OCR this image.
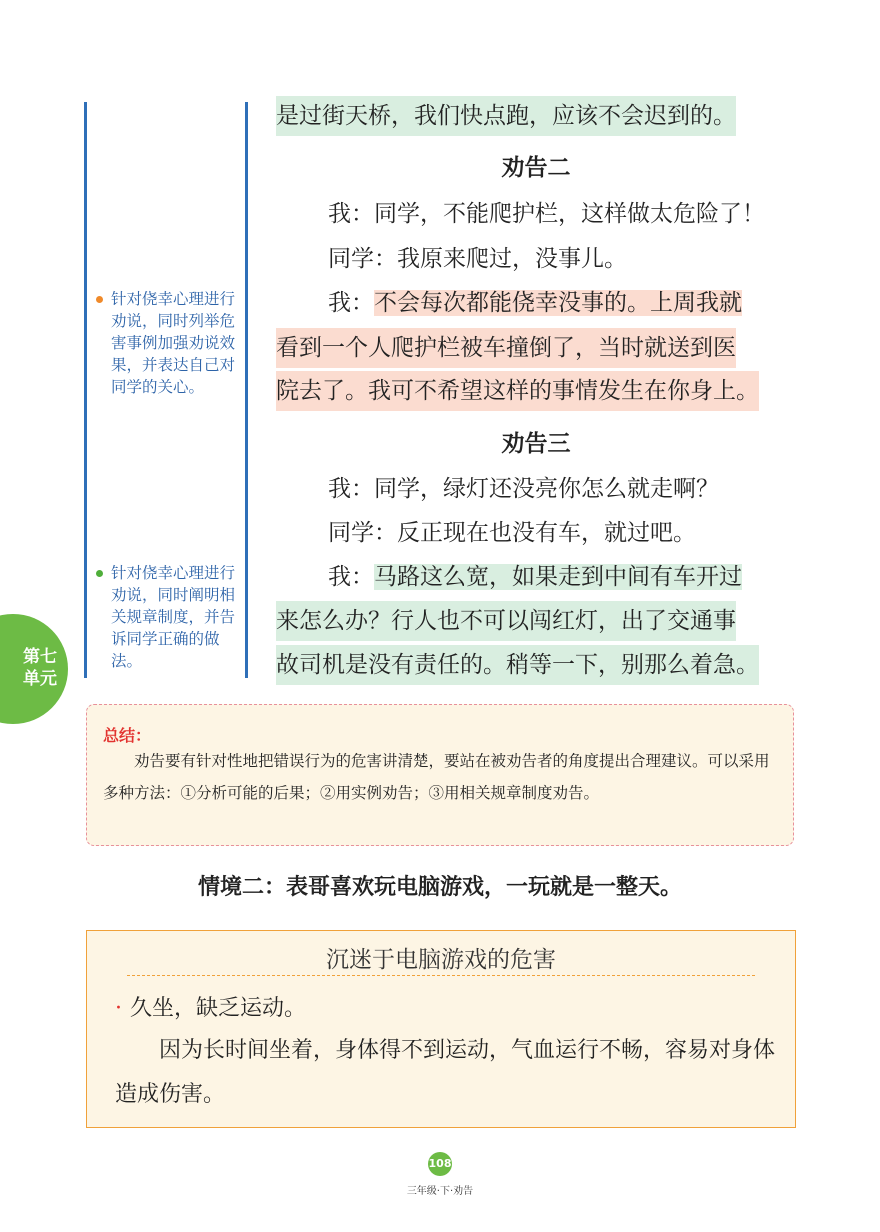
针对侥幸心理进行劝说，同时列举危害事例加强劝说效果，并表达自己对同学的关心。
针对侥幸心理进行劝说，同时阐明相关规章制度，并告诉同学正确的做法。
第七
单元
是过街天桥，我们快点跑，应该不会迟到的。
劝告二
我：同学，不能爬护栏，这样做太危险了！
同学：我原来爬过，没事儿。
我：不会每次都能侥幸没事的。上周我就
看到一个人爬护栏被车撞倒了，当时就送到医
院去了。我可不希望这样的事情发生在你身上。
劝告三
我：同学，绿灯还没亮你怎么就走啊？
同学：反正现在也没有车，就过吧。
我：马路这么宽，如果走到中间有车开过
来怎么办？行人也不可以闯红灯，出了交通事
故司机是没有责任的。稍等一下，别那么着急。
总结：
劝告要有针对性地把错误行为的危害讲清楚，要站在被劝告者的角度提出合理建议。可以采用多种方法：①分析可能的后果；②用实例劝告；③用相关规章制度劝告。
情境二：表哥喜欢玩电脑游戏，一玩就是一整天。
沉迷于电脑游戏的危害
· 久坐，缺乏运动。
因为长时间坐着，身体得不到运动，气血运行不畅，容易对身体造成伤害。
108
三年级·下·劝告
